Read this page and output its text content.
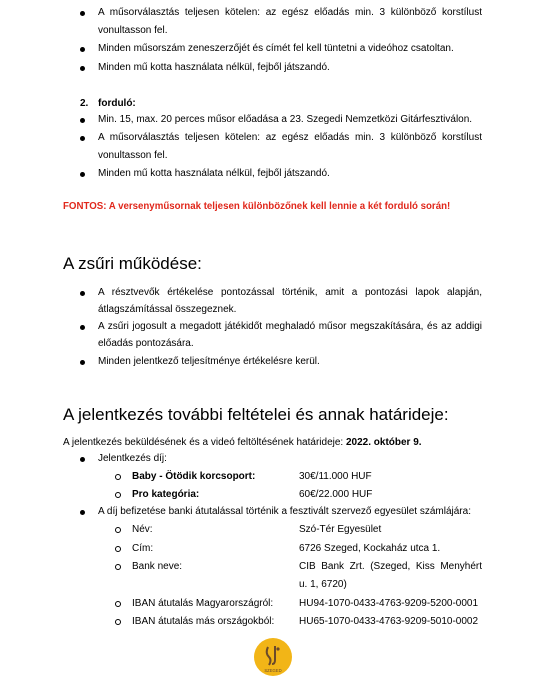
A műsorválasztás teljesen kötelen: az egész előadás min. 3 különböző korstílust
vonultasson fel.
Minden műsorszám zeneszerzőjét és címét fel kell tüntetni a videóhoz csatoltan.
Minden mű kotta használata nélkül, fejből játszandó.
2. forduló:
Min. 15, max. 20 perces műsor előadása a 23. Szegedi Nemzetközi Gitárfesztiválon.
A műsorválasztás teljesen kötelen: az egész előadás min. 3 különböző korstílust
vonultasson fel.
Minden mű kotta használata nélkül, fejből játszandó.
FONTOS: A versenyműsornak teljesen különbözőnek kell lennie a két forduló során!
A zsűri működése:
A résztvevők értékelése pontozással történik, amit a pontozási lapok alapján,
átlagszámítással összegeznek.
A zsűri jogosult a megadott játékidőt meghaladó műsor megszakítására, és az addigi
előadás pontozására.
Minden jelentkező teljesítménye értékelésre kerül.
A jelentkezés további feltételei és annak határideje:
A jelentkezés beküldésének és a videó feltöltésének határideje: 2022. október 9.
Jelentkezés díj:
Baby - Ötödik korcsoport:	30€/11.000 HUF
Pro kategória:	60€/22.000 HUF
A díj befizetése banki átutalással történik a fesztivált szervező egyesület számlájára:
Név:	Szó-Tér Egyesület
Cím:	6726 Szeged, Kockaház utca 1.
Bank neve:	CIB Bank Zrt. (Szeged, Kiss Menyhért
u. 1, 6720)
IBAN átutalás Magyarországról:	HU94-1070-0433-4763-9209-5200-0001
IBAN átutalás más országokból: HU65-1070-0433-4763-9209-5010-0002
SZEGED
